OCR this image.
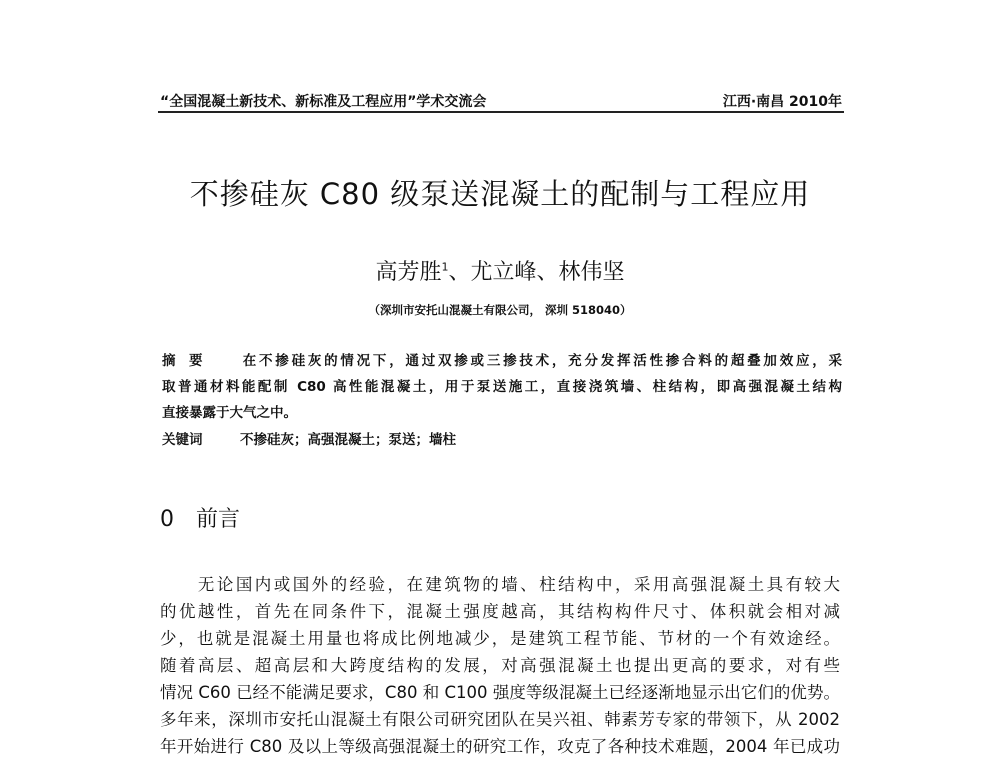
“全国混凝土新技术、新标准及工程应用”学术交流会	江西·南昌 2010年
不掺硅灰 C80 级泵送混凝土的配制与工程应用
高芳胜$^1$、尤立峰、林伟坚
（深圳市安托山混凝土有限公司， 深圳 518040）
摘　要	在不掺硅灰的情况下，通过双掺或三掺技术，充分发挥活性掺合料的超叠加效应，采
取普通材料能配制 C80 高性能混凝土，用于泵送施工，直接浇筑墙、柱结构，即高强混凝土结构
直接暴露于大气之中。
关键词	不掺硅灰；高强混凝土；泵送；墙柱
0　 前言
　　无论国内或国外的经验，在建筑物的墙、柱结构中，采用高强混凝土具有较大
的优越性，首先在同条件下，混凝土强度越高，其结构构件尺寸、体积就会相对减
少，也就是混凝土用量也将成比例地减少，是建筑工程节能、节材的一个有效途经。
随着高层、超高层和大跨度结构的发展，对高强混凝土也提出更高的要求，对有些
情况 C60 已经不能满足要求，C80 和 C100 强度等级混凝土已经逐渐地显示出它们的优势。
多年来，深圳市安托山混凝土有限公司研究团队在吴兴祖、韩素芳专家的带领下，从 2002
年开始进行 C80 及以上等级高强混凝土的研究工作，攻克了各种技术难题，2004 年已成功
